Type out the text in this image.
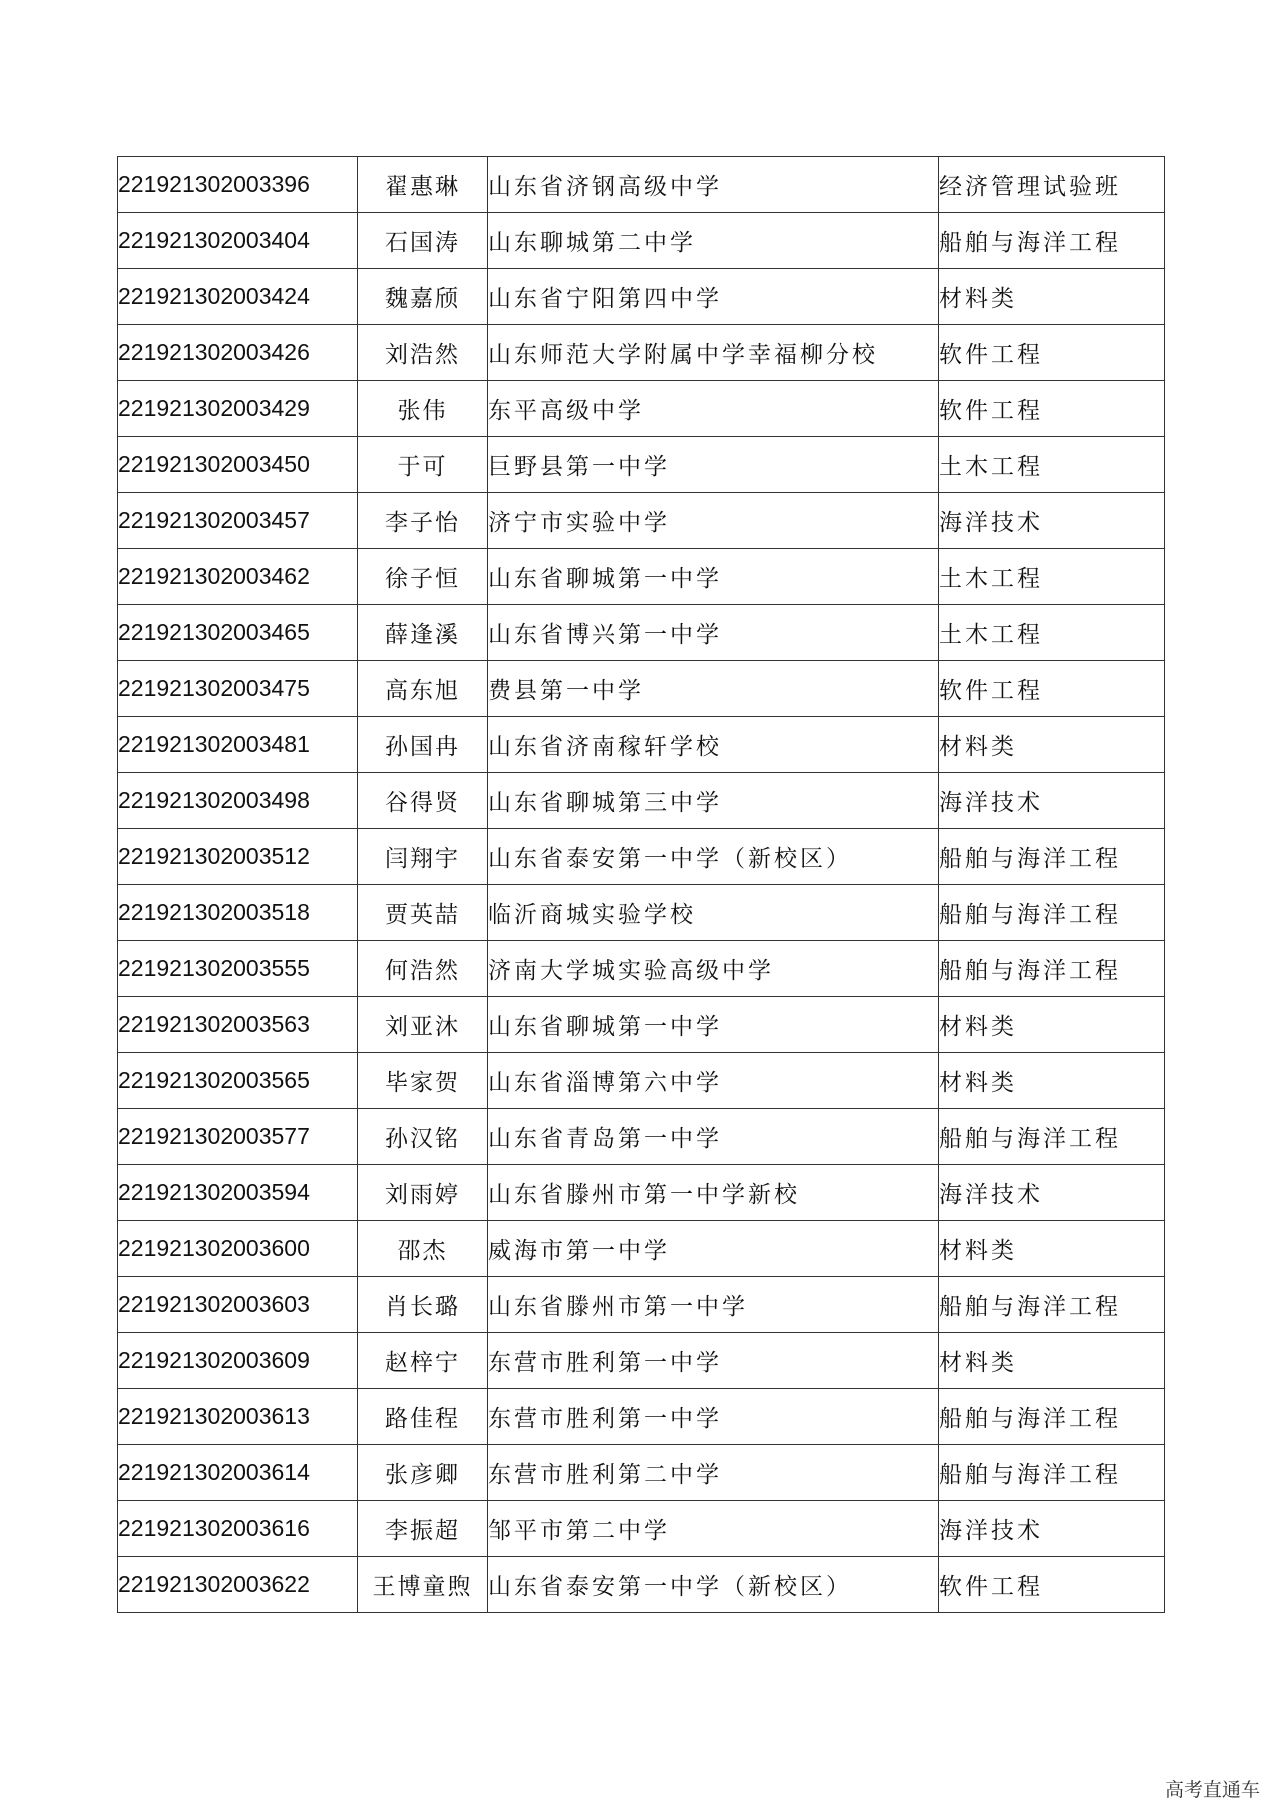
221921302003396	翟惠琳	山东省济钢高级中学	经济管理试验班
221921302003404	石国涛	山东聊城第二中学	船舶与海洋工程
221921302003424	魏嘉颀	山东省宁阳第四中学	材料类
221921302003426	刘浩然	山东师范大学附属中学幸福柳分校	软件工程
221921302003429	张伟	东平高级中学	软件工程
221921302003450	于可	巨野县第一中学	土木工程
221921302003457	李子怡	济宁市实验中学	海洋技术
221921302003462	徐子恒	山东省聊城第一中学	土木工程
221921302003465	薛逢溪	山东省博兴第一中学	土木工程
221921302003475	高东旭	费县第一中学	软件工程
221921302003481	孙国冉	山东省济南稼轩学校	材料类
221921302003498	谷得贤	山东省聊城第三中学	海洋技术
221921302003512	闫翔宇	山东省泰安第一中学（新校区）	船舶与海洋工程
221921302003518	贾英喆	临沂商城实验学校	船舶与海洋工程
221921302003555	何浩然	济南大学城实验高级中学	船舶与海洋工程
221921302003563	刘亚沐	山东省聊城第一中学	材料类
221921302003565	毕家贺	山东省淄博第六中学	材料类
221921302003577	孙汉铭	山东省青岛第一中学	船舶与海洋工程
221921302003594	刘雨婷	山东省滕州市第一中学新校	海洋技术
221921302003600	邵杰	威海市第一中学	材料类
221921302003603	肖长璐	山东省滕州市第一中学	船舶与海洋工程
221921302003609	赵梓宁	东营市胜利第一中学	材料类
221921302003613	路佳程	东营市胜利第一中学	船舶与海洋工程
221921302003614	张彦卿	东营市胜利第二中学	船舶与海洋工程
221921302003616	李振超	邹平市第二中学	海洋技术
221921302003622	王博童煦	山东省泰安第一中学（新校区）	软件工程
高考直通车
